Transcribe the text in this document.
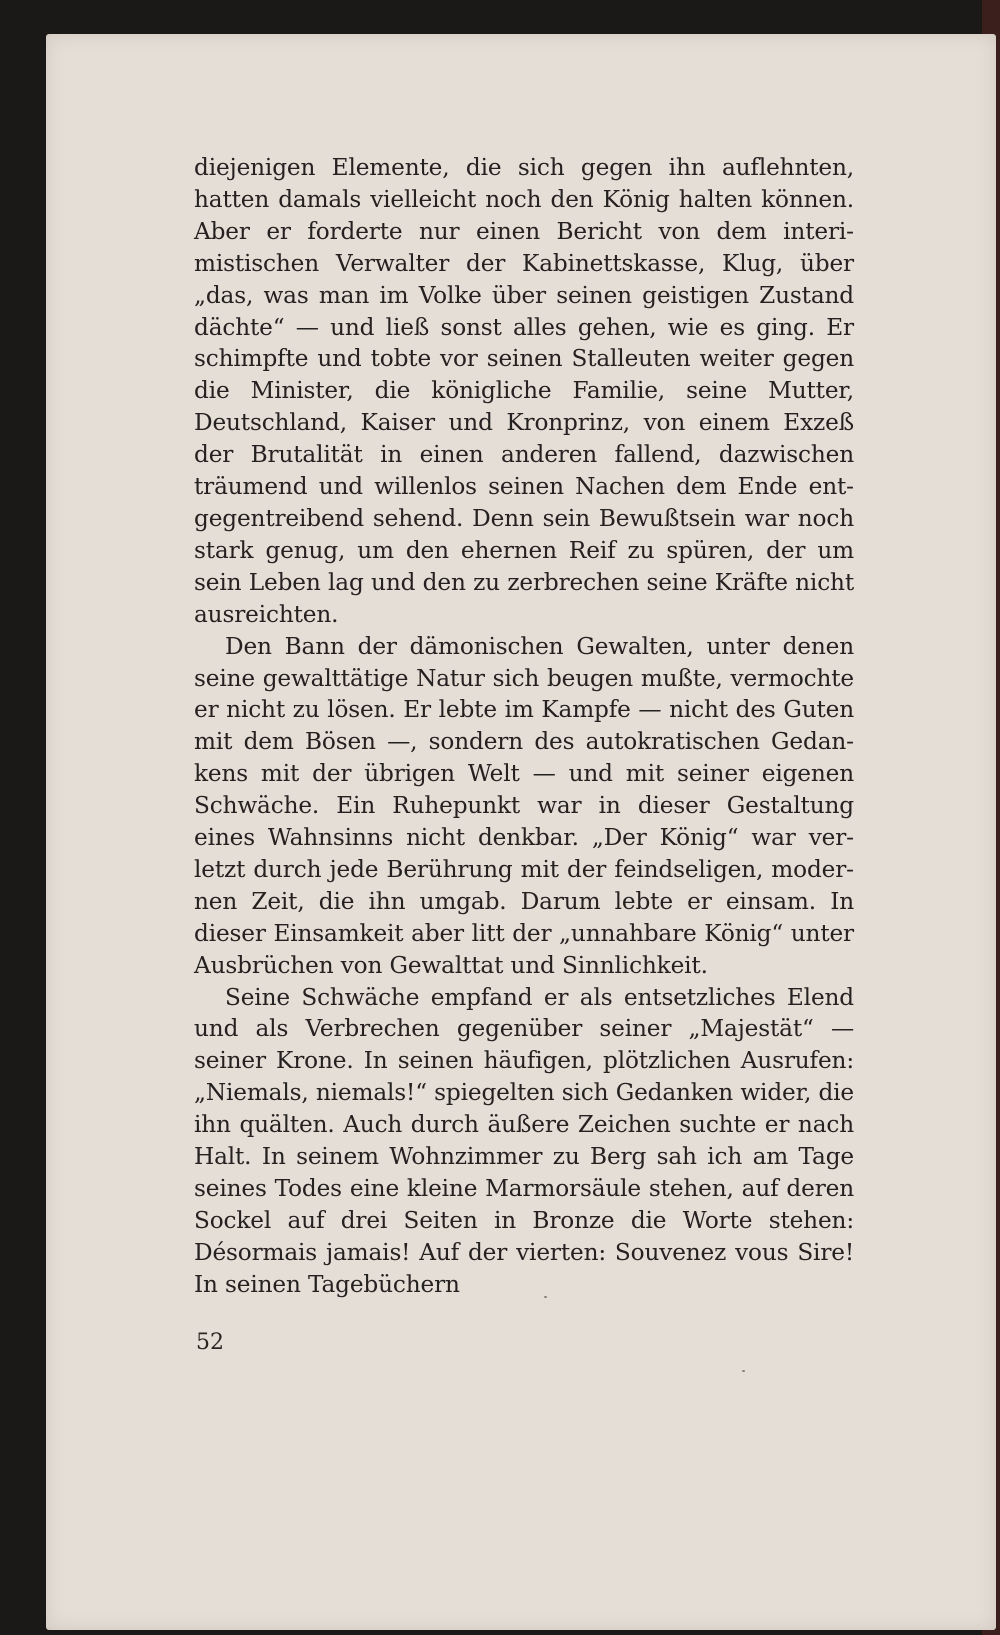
diejenigen Elemente, die sich gegen ihn auflehnten, hatten damals vielleicht noch den König halten können. Aber er forderte nur einen Bericht von dem interimistischen Verwalter der Kabinettskasse, Klug, über „das, was man im Volke über seinen geistigen Zustand dächte“ — und ließ sonst alles gehen, wie es ging. Er schimpfte und tobte vor seinen Stalleuten weiter gegen die Minister, die königliche Familie, seine Mutter, Deutschland, Kaiser und Kronprinz, von einem Exzeß der Brutalität in einen anderen fallend, dazwischen träumend und willenlos seinen Nachen dem Ende entgegentreibend sehend. Denn sein Bewußtsein war noch stark genug, um den ehernen Reif zu spüren, der um sein Leben lag und den zu zerbrechen seine Kräfte nicht ausreichten.

Den Bann der dämonischen Gewalten, unter denen seine gewalttätige Natur sich beugen mußte, vermochte er nicht zu lösen. Er lebte im Kampfe — nicht des Guten mit dem Bösen —, sondern des autokratischen Gedankens mit der übrigen Welt — und mit seiner eigenen Schwäche. Ein Ruhepunkt war in dieser Gestaltung eines Wahnsinns nicht denkbar. „Der König“ war verletzt durch jede Berührung mit der feindseligen, modernen Zeit, die ihn umgab. Darum lebte er einsam. In dieser Einsamkeit aber litt der „unnahbare König“ unter Ausbrüchen von Gewalttat und Sinnlichkeit.

Seine Schwäche empfand er als entsetzliches Elend und als Verbrechen gegenüber seiner „Majestät“ — seiner Krone. In seinen häufigen, plötzlichen Ausrufen: „Niemals, niemals!“ spiegelten sich Gedanken wider, die ihn quälten. Auch durch äußere Zeichen suchte er nach Halt. In seinem Wohnzimmer zu Berg sah ich am Tage seines Todes eine kleine Marmorsäule stehen, auf deren Sockel auf drei Seiten in Bronze die Worte stehen: Désormais jamais! Auf der vierten: Souvenez vous Sire! In seinen Tagebüchern

52
